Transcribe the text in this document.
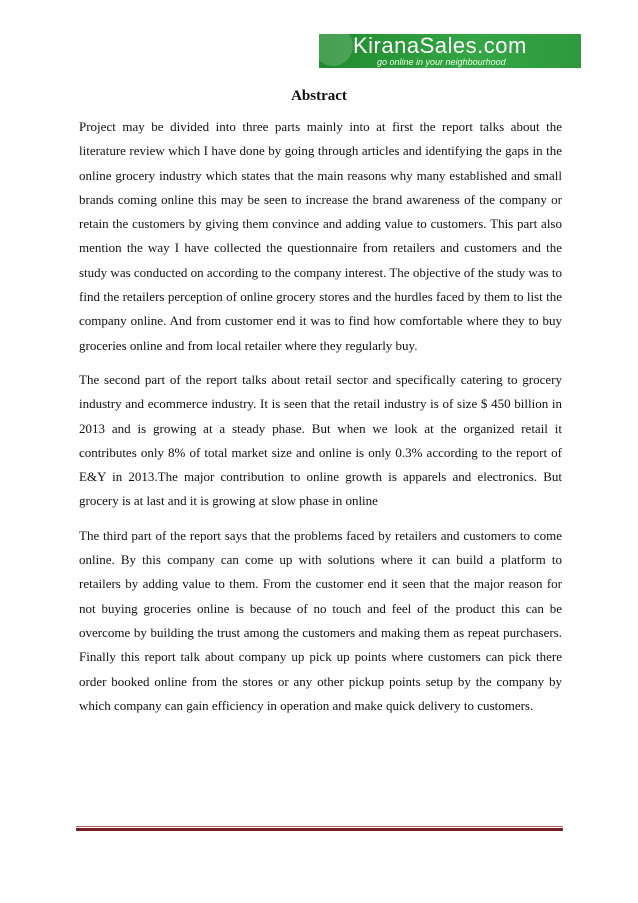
KiranaSales.com
go online in your neighbourhood
Abstract

Project may be divided into three parts mainly into at first the report talks about the literature review which I have done by going through articles and identifying the gaps in the online grocery industry which states that the main reasons why many established and small brands coming online this may be seen to increase the brand awareness of the company or retain the customers by giving them convince and adding value to customers. This part also mention the way I have collected the questionnaire from retailers and customers and the study was conducted on according to the company interest. The objective of the study was to find the retailers perception of online grocery stores and the hurdles faced by them to list the company online. And from customer end it was to find how comfortable where they to buy groceries online and from local retailer where they regularly buy.

The second part of the report talks about retail sector and specifically catering to grocery industry and ecommerce industry. It is seen that the retail industry is of size $ 450 billion in 2013 and is growing at a steady phase. But when we look at the organized retail it contributes only 8% of total market size and online is only 0.3% according to the report of E&Y in 2013.The major contribution to online growth is apparels and electronics. But grocery is at last and it is growing at slow phase in online

The third part of the report says that the problems faced by retailers and customers to come online. By this company can come up with solutions where it can build a platform to retailers by adding value to them. From the customer end it seen that the major reason for not buying groceries online is because of no touch and feel of the product this can be overcome by building the trust among the customers and making them as repeat purchasers. Finally this report talk about company up pick up points where customers can pick there order booked online from the stores or any other pickup points setup by the company by which company can gain efficiency in operation and make quick delivery to customers.
